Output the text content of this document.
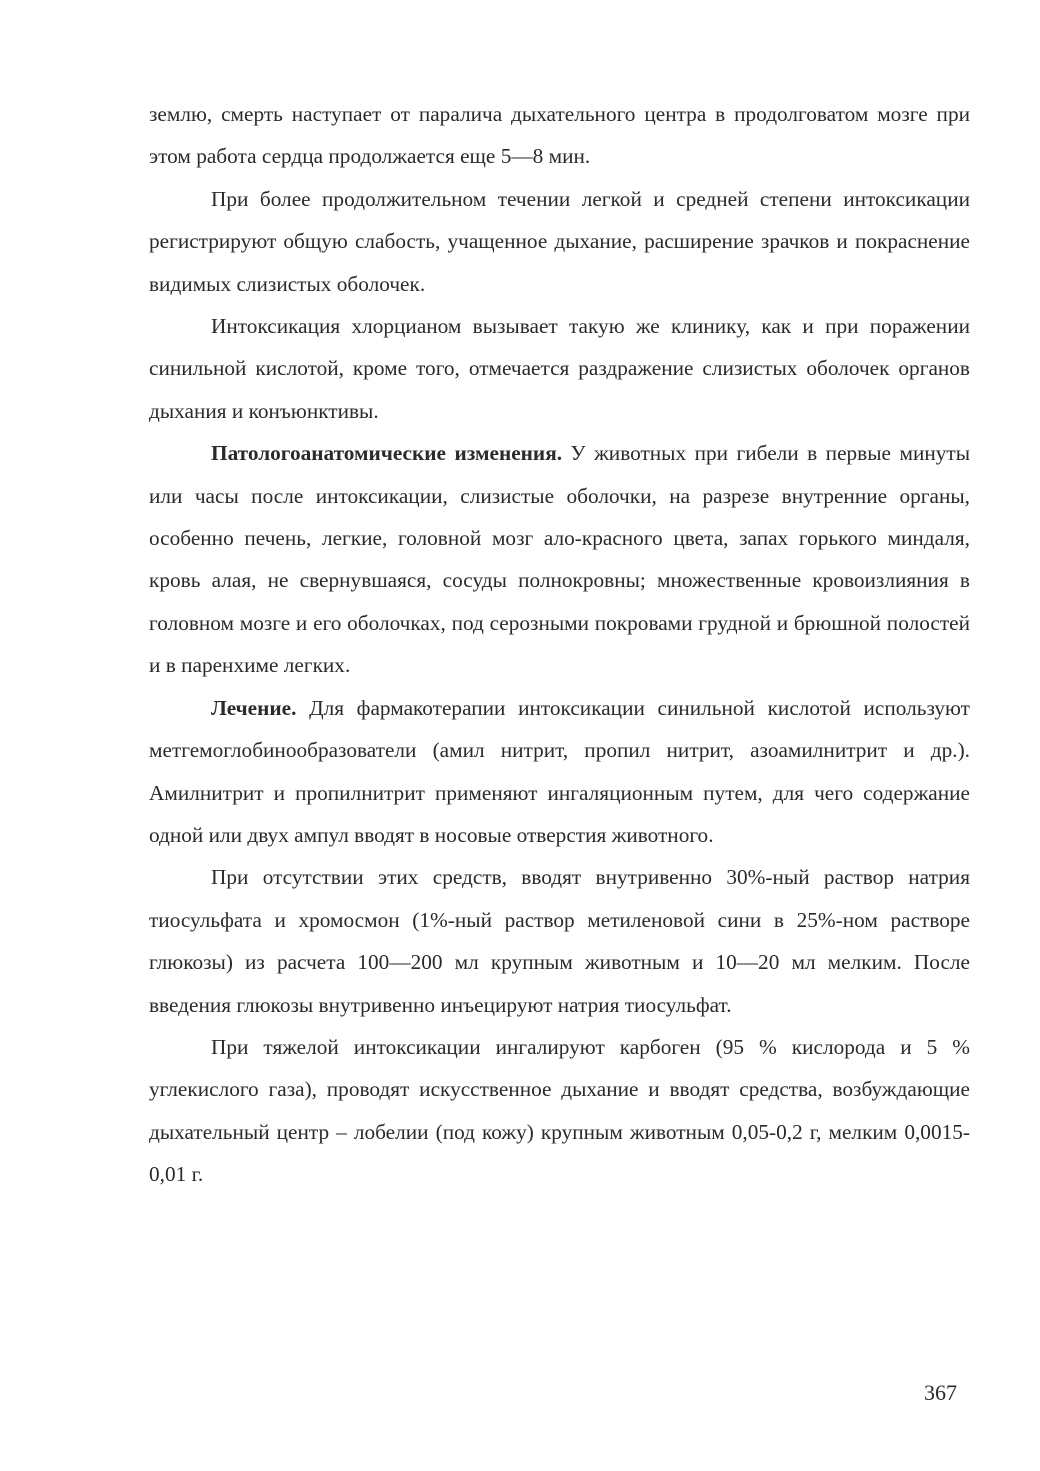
землю, смерть наступает от паралича дыхательного центра в продолговатом мозге при этом работа сердца продолжается еще 5—8 мин.

При более продолжительном течении легкой и средней степени интоксикации регистрируют общую слабость, учащенное дыхание, расширение зрачков и покраснение видимых слизистых оболочек.

Интоксикация хлорцианом вызывает такую же клинику, как и при поражении синильной кислотой, кроме того, отмечается раздражение слизистых оболочек органов дыхания и конъюнктивы.

Патологоанатомические изменения. У животных при гибели в первые минуты или часы после интоксикации, слизистые оболочки, на разрезе внутренние органы, особенно печень, легкие, головной мозг ало-красного цвета, запах горького миндаля, кровь алая, не свернувшаяся, сосуды полнокровны; множественные кровоизлияния в головном мозге и его оболочках, под серозными покровами грудной и брюшной полостей и в паренхиме легких.

Лечение. Для фармакотерапии интоксикации синильной кислотой используют метгемоглобинообразователи (амил нитрит, пропил нитрит, азоамилнитрит и др.). Амилнитрит и пропилнитрит применяют ингаляционным путем, для чего содержание одной или двух ампул вводят в носовые отверстия животного.

При отсутствии этих средств, вводят внутривенно 30%-ный раствор натрия тиосульфата и хромосмон (1%-ный раствор метиленовой сини в 25%-ном растворе глюкозы) из расчета 100—200 мл крупным животным и 10—20 мл мелким. После введения глюкозы внутривенно инъецируют натрия тиосульфат.

При тяжелой интоксикации ингалируют карбоген (95 % кислорода и 5 % углекислого газа), проводят искусственное дыхание и вводят средства, возбуждающие дыхательный центр – лобелии (под кожу) крупным животным 0,05-0,2 г, мелким 0,0015- 0,01 г.

367
